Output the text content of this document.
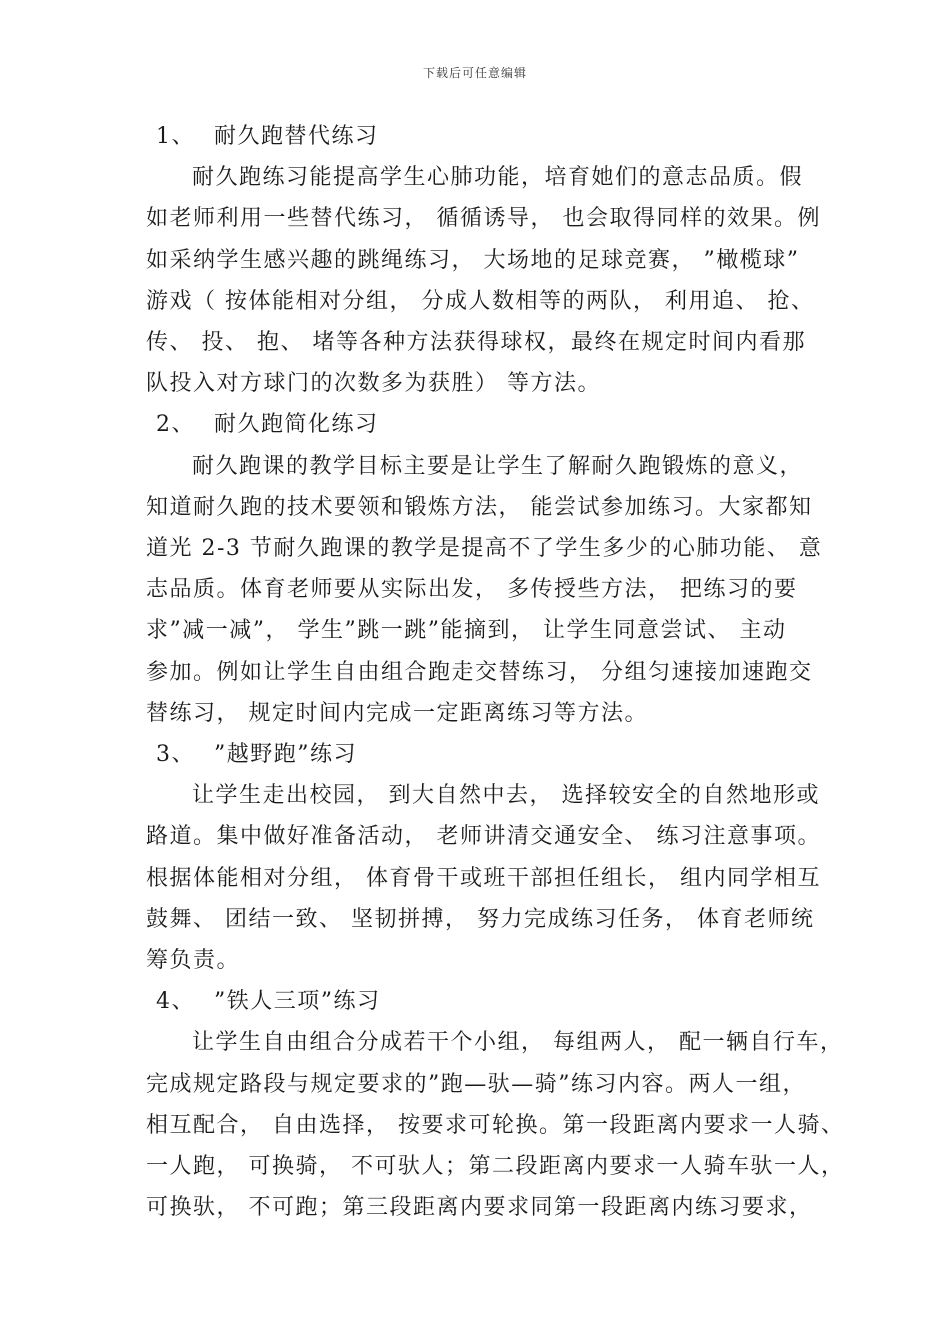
下载后可任意编辑
1、 耐久跑替代练习
耐久跑练习能提高学生心肺功能，培育她们的意志品质。假
如老师利用一些替代练习， 循循诱导， 也会取得同样的效果。例
如采纳学生感兴趣的跳绳练习， 大场地的足球竞赛， ”橄榄球”
游戏（ 按体能相对分组， 分成人数相等的两队， 利用追、 抢、
传、 投、 抱、 堵等各种方法获得球权，最终在规定时间内看那
队投入对方球门的次数多为获胜） 等方法。
2、 耐久跑简化练习
耐久跑课的教学目标主要是让学生了解耐久跑锻炼的意义，
知道耐久跑的技术要领和锻炼方法， 能尝试参加练习。大家都知
道光 2-3 节耐久跑课的教学是提高不了学生多少的心肺功能、 意
志品质。体育老师要从实际出发， 多传授些方法， 把练习的要
求”减一减”， 学生”跳一跳”能摘到， 让学生同意尝试、 主动
参加。例如让学生自由组合跑走交替练习， 分组匀速接加速跑交
替练习， 规定时间内完成一定距离练习等方法。
3、 ”越野跑”练习
让学生走出校园， 到大自然中去， 选择较安全的自然地形或
路道。集中做好准备活动， 老师讲清交通安全、 练习注意事项。
根据体能相对分组， 体育骨干或班干部担任组长， 组内同学相互
鼓舞、 团结一致、 坚韧拼搏， 努力完成练习任务， 体育老师统
筹负责。
4、 ”铁人三项”练习
让学生自由组合分成若干个小组， 每组两人， 配一辆自行车，
完成规定路段与规定要求的”跑—驮—骑”练习内容。两人一组，
相互配合， 自由选择， 按要求可轮换。第一段距离内要求一人骑、
一人跑， 可换骑， 不可驮人；第二段距离内要求一人骑车驮一人，
可换驮， 不可跑；第三段距离内要求同第一段距离内练习要求，
